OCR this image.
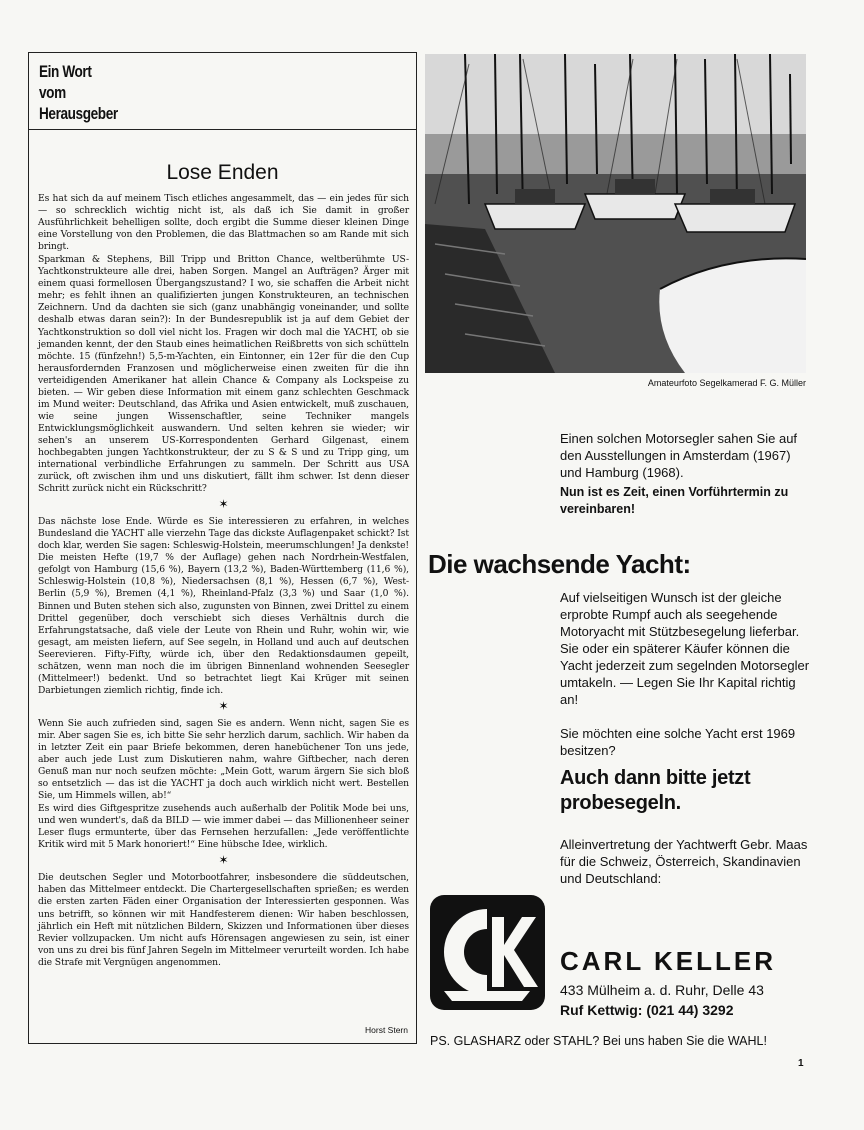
Ein Wort
vom
Herausgeber
Lose Enden

Es hat sich da auf meinem Tisch etliches angesammelt, das — ein jedes für sich — so schrecklich wichtig nicht ist, als daß ich Sie damit in großer Ausführlichkeit behelligen sollte, doch ergibt die Summe dieser kleinen Dinge eine Vorstellung von den Problemen, die das Blattmachen so am Rande mit sich bringt.

Sparkman & Stephens, Bill Tripp und Britton Chance, weltberühmte US-Yachtkonstrukteure alle drei, haben Sorgen. Mangel an Aufträgen? Ärger mit einem quasi formellosen Übergangszustand? I wo, sie schaffen die Arbeit nicht mehr; es fehlt ihnen an qualifizierten jungen Konstrukteuren, an technischen Zeichnern. Und da dachten sie sich (ganz unabhängig voneinander, und sollte deshalb etwas daran sein?): In der Bundesrepublik ist ja auf dem Gebiet der Yachtkonstruktion so doll viel nicht los. Fragen wir doch mal die YACHT, ob sie jemanden kennt, der den Staub eines heimatlichen Reißbretts von sich schütteln möchte. 15 (fünfzehn!) 5,5-m-Yachten, ein Eintonner, ein 12er für die den Cup herausfordernden Franzosen und möglicherweise einen zweiten für die ihn verteidigenden Amerikaner hat allein Chance & Company als Lockspeise zu bieten. — Wir geben diese Information mit einem ganz schlechten Geschmack im Mund weiter: Deutschland, das Afrika und Asien entwickelt, muß zuschauen, wie seine jungen Wissenschaftler, seine Techniker mangels Entwicklungsmöglichkeit auswandern. Und selten kehren sie wieder; wir sehen's an unserem US-Korrespondenten Gerhard Gilgenast, einem hochbegabten jungen Yachtkonstrukteur, der zu S & S und zu Tripp ging, um international verbindliche Erfahrungen zu sammeln. Der Schritt aus USA zurück, oft zwischen ihm und uns diskutiert, fällt ihm schwer. Ist denn dieser Schritt zurück nicht ein Rückschritt?

✶

Das nächste lose Ende. Würde es Sie interessieren zu erfahren, in welches Bundesland die YACHT alle vierzehn Tage das dickste Auflagenpaket schickt? Ist doch klar, werden Sie sagen: Schleswig-Holstein, meerumschlungen! Ja denkste! Die meisten Hefte (19,7 % der Auflage) gehen nach Nordrhein-Westfalen, gefolgt von Hamburg (15,6 %), Bayern (13,2 %), Baden-Württemberg (11,6 %), Schleswig-Holstein (10,8 %), Niedersachsen (8,1 %), Hessen (6,7 %), West-Berlin (5,9 %), Bremen (4,1 %), Rheinland-Pfalz (3,3 %) und Saar (1,0 %). Binnen und Buten stehen sich also, zugunsten von Binnen, zwei Drittel zu einem Drittel gegenüber, doch verschiebt sich dieses Verhältnis durch die Erfahrungstatsache, daß viele der Leute von Rhein und Ruhr, wohin wir, wie gesagt, am meisten liefern, auf See segeln, in Holland und auch auf deutschen Seerevieren. Fifty-Fifty, würde ich, über den Redaktionsdaumen gepeilt, schätzen, wenn man noch die im übrigen Binnenland wohnenden Seesegler (Mittelmeer!) bedenkt. Und so betrachtet liegt Kai Krüger mit seinen Darbietungen ziemlich richtig, finde ich.

✶

Wenn Sie auch zufrieden sind, sagen Sie es andern. Wenn nicht, sagen Sie es mir. Aber sagen Sie es, ich bitte Sie sehr herzlich darum, sachlich. Wir haben da in letzter Zeit ein paar Briefe bekommen, deren hanebüchener Ton uns jede, aber auch jede Lust zum Diskutieren nahm, wahre Giftbecher, nach deren Genuß man nur noch seufzen möchte: „Mein Gott, warum ärgern Sie sich bloß so entsetzlich — das ist die YACHT ja doch auch wirklich nicht wert. Bestellen Sie, um Himmels willen, ab!“

Es wird dies Giftgespritze zusehends auch außerhalb der Politik Mode bei uns, und wen wundert's, daß da BILD — wie immer dabei — das Millionenheer seiner Leser flugs ermunterte, über das Fernsehen herzufallen: „Jede veröffentlichte Kritik wird mit 5 Mark honoriert!“ Eine hübsche Idee, wirklich.

✶

Die deutschen Segler und Motorbootfahrer, insbesondere die süddeutschen, haben das Mittelmeer entdeckt. Die Chartergesellschaften sprießen; es werden die ersten zarten Fäden einer Organisation der Interessierten gesponnen. Was uns betrifft, so können wir mit Handfesterem dienen: Wir haben beschlossen, jährlich ein Heft mit nützlichen Bildern, Skizzen und Informationen über dieses Revier vollzupacken. Um nicht aufs Hörensagen angewiesen zu sein, ist einer von uns zu drei bis fünf Jahren Segeln im Mittelmeer verurteilt worden. Ich habe die Strafe mit Vergnügen angenommen.

Horst Stern
Amateurfoto Segelkamerad F. G. Müller
Einen solchen Motorsegler sahen Sie auf den Ausstellungen in Amsterdam (1967) und Hamburg (1968).
Nun ist es Zeit, einen Vorführtermin zu vereinbaren!
Die wachsende Yacht:
Auf vielseitigen Wunsch ist der gleiche erprobte Rumpf auch als seegehende Motoryacht mit Stützbesegelung lieferbar. Sie oder ein späterer Käufer können die Yacht jederzeit zum segelnden Motorsegler umtakeln. — Legen Sie Ihr Kapital richtig an!
Sie möchten eine solche Yacht erst 1969 besitzen?
Auch dann bitte jetzt probesegeln.
Alleinvertretung der Yachtwerft Gebr. Maas für die Schweiz, Österreich, Skandinavien und Deutschland:
CARL KELLER
433 Mülheim a. d. Ruhr, Delle 43
Ruf Kettwig: (021 44) 3292
PS. GLASHARZ oder STAHL? Bei uns haben Sie die WAHL!
1
